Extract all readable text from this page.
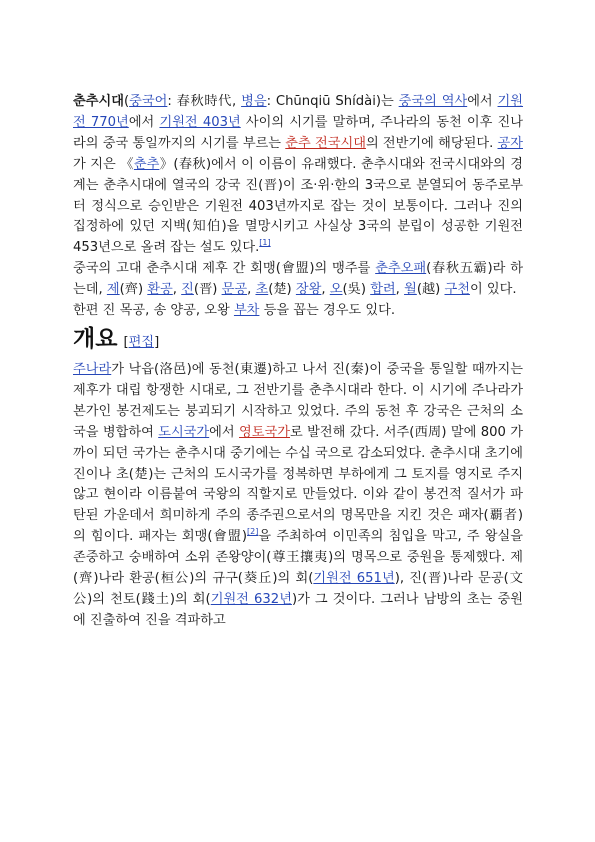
춘추시대(중국어: 春秋時代, 병음: Chūnqiū Shídài)는 중국의 역사에서 기원전 770년에서 기원전 403년 사이의 시기를 말하며, 주나라의 동천 이후 진나라의 중국 통일까지의 시기를 부르는 춘추 전국시대의 전반기에 해당된다. 공자가 지은 《춘추》(春秋)에서 이 이름이 유래했다. 춘추시대와 전국시대와의 경계는 춘추시대에 열국의 강국 진(晋)이 조·위·한의 3국으로 분열되어 동주로부터 정식으로 승인받은 기원전 403년까지로 잡는 것이 보통이다. 그러나 진의 집정하에 있던 지백(知伯)을 멸망시키고 사실상 3국의 분립이 성공한 기원전 453년으로 올려 잡는 설도 있다.[1]

중국의 고대 춘추시대 제후 간 회맹(會盟)의 맹주를 춘추오패(春秋五霸)라 하는데, 제(齊) 환공, 진(晋) 문공, 초(楚) 장왕, 오(吳) 합려, 월(越) 구천이 있다.

한편 진 목공, 송 양공, 오왕 부차 등을 꼽는 경우도 있다.

개요 [편집]

주나라가 낙읍(洛邑)에 동천(東遷)하고 나서 진(秦)이 중국을 통일할 때까지는 제후가 대립 항쟁한 시대로, 그 전반기를 춘추시대라 한다. 이 시기에 주나라가 본가인 봉건제도는 붕괴되기 시작하고 있었다. 주의 동천 후 강국은 근처의 소국을 병합하여 도시국가에서 영토국가로 발전해 갔다. 서주(西周) 말에 800 가까이 되던 국가는 춘추시대 중기에는 수십 국으로 감소되었다. 춘추시대 초기에 진이나 초(楚)는 근처의 도시국가를 정복하면 부하에게 그 토지를 영지로 주지 않고 현이라 이름붙여 국왕의 직할지로 만들었다. 이와 같이 봉건적 질서가 파탄된 가운데서 희미하게 주의 종주권으로서의 명목만을 지킨 것은 패자(覇者)의 힘이다. 패자는 회맹(會盟)[2]을 주최하여 이민족의 침입을 막고, 주 왕실을 존중하고 숭배하여 소위 존왕양이(尊王攘夷)의 명목으로 중원을 통제했다. 제(齊)나라 환공(桓公)의 규구(葵丘)의 회(기원전 651년), 진(晋)나라 문공(文公)의 천토(踐土)의 회(기원전 632년)가 그 것이다. 그러나 남방의 초는 중원에 진출하여 진을 격파하고
